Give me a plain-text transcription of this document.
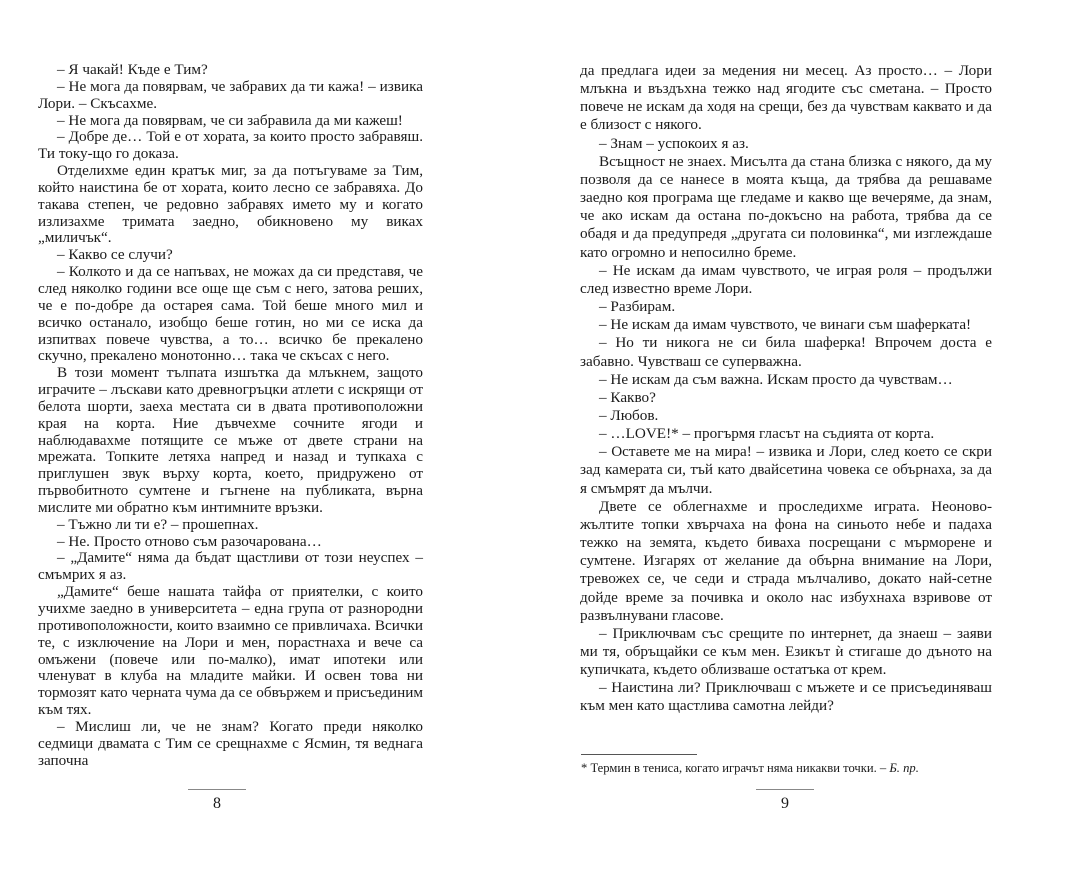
– Я чакай! Къде е Тим?

– Не мога да повярвам, че забравих да ти кажа! – извика Лори. – Скъсахме.

– Не мога да повярвам, че си забравила да ми кажеш!

– Добре де… Той е от хората, за които просто забравяш. Ти току-що го доказа.

Отделихме един кратък миг, за да потъгуваме за Тим, който наистина бе от хората, които лесно се забравяха. До такава степен, че редовно забравях името му и когато излизахме тримата заедно, обикновено му виках „миличък“.

– Какво се случи?

– Колкото и да се напъвах, не можах да си представя, че след няколко години все още ще съм с него, затова реших, че е по-добре да остарея сама. Той беше много мил и всичко останало, изобщо беше готин, но ми се иска да изпитвах повече чувства, а то… всичко бе прекалено скучно, прекалено монотонно… така че скъсах с него.

В този момент тълпата изшътка да млъкнем, защото играчите – лъскави като древногръцки атлети с искрящи от белота шорти, заеха местата си в двата противоположни края на корта. Ние дъвчехме сочните ягоди и наблюдавахме потящите се мъже от двете страни на мрежата. Топките летяха напред и назад и тупкаха с приглушен звук върху корта, което, придружено от първобитното сумтене и гъгнене на публиката, върна мислите ми обратно към интимните връзки.

– Тъжно ли ти е? – прошепнах.

– Не. Просто отново съм разочарована…

– „Дамите“ няма да бъдат щастливи от този неуспех – смъмрих я аз.

„Дамите“ беше нашата тайфа от приятелки, с които учихме заедно в университета – една група от разнородни противоположности, които взаимно се привличаха. Всички те, с изключение на Лори и мен, порастнаха и вече са омъжени (повече или по-малко), имат ипотеки или членуват в клуба на младите майки. И освен това ни тормозят като черната чума да се обвържем и присъединим към тях.

– Мислиш ли, че не знам? Когато преди няколко седмици двамата с Тим се срещнахме с Ясмин, тя веднага започна

да предлага идеи за медения ни месец. Аз просто… – Лори млъкна и въздъхна тежко над ягодите със сметана. – Просто повече не искам да ходя на срещи, без да чувствам каквато и да е близост с някого.

– Знам – успокоих я аз.

Всъщност не знаех. Мисълта да стана близка с някого, да му позволя да се нанесе в моята къща, да трябва да решаваме заедно коя програма ще гледаме и какво ще вечеряме, да знам, че ако искам да остана по-докъсно на работа, трябва да се обадя и да предупредя „другата си половинка“, ми изглеждаше като огромно и непосилно бреме.

– Не искам да имам чувството, че играя роля – продължи след известно време Лори.

– Разбирам.

– Не искам да имам чувството, че винаги съм шаферката!

– Но ти никога не си била шаферка! Впрочем доста е забавно. Чувстваш се суперважна.

– Не искам да съм важна. Искам просто да чувствам…

– Какво?

– Любов.

– …LOVE!* – прогърмя гласът на съдията от корта.

– Оставете ме на мира! – извика и Лори, след което се скри зад камерата си, тъй като двайсетина човека се обърнаха, за да я смъмрят да мълчи.

Двете се облегнахме и проследихме играта. Неоново-жълтите топки хвърчаха на фона на синьото небе и падаха тежко на земята, където биваха посрещани с мърморене и сумтене. Изгарях от желание да обърна внимание на Лори, тревожех се, че седи и страда мълчаливо, докато най-сетне дойде време за почивка и около нас избухнаха взривове от развълнувани гласове.

– Приключвам със срещите по интернет, да знаеш – заяви ми тя, обръщайки се към мен. Езикът ѝ стигаше до дъното на купичката, където облизваше остатъка от крем.

– Наистина ли? Приключваш с мъжете и се присъединяваш към мен като щастлива самотна лейди?

* Термин в тениса, когато играчът няма никакви точки. – Б. пр.
8	9
